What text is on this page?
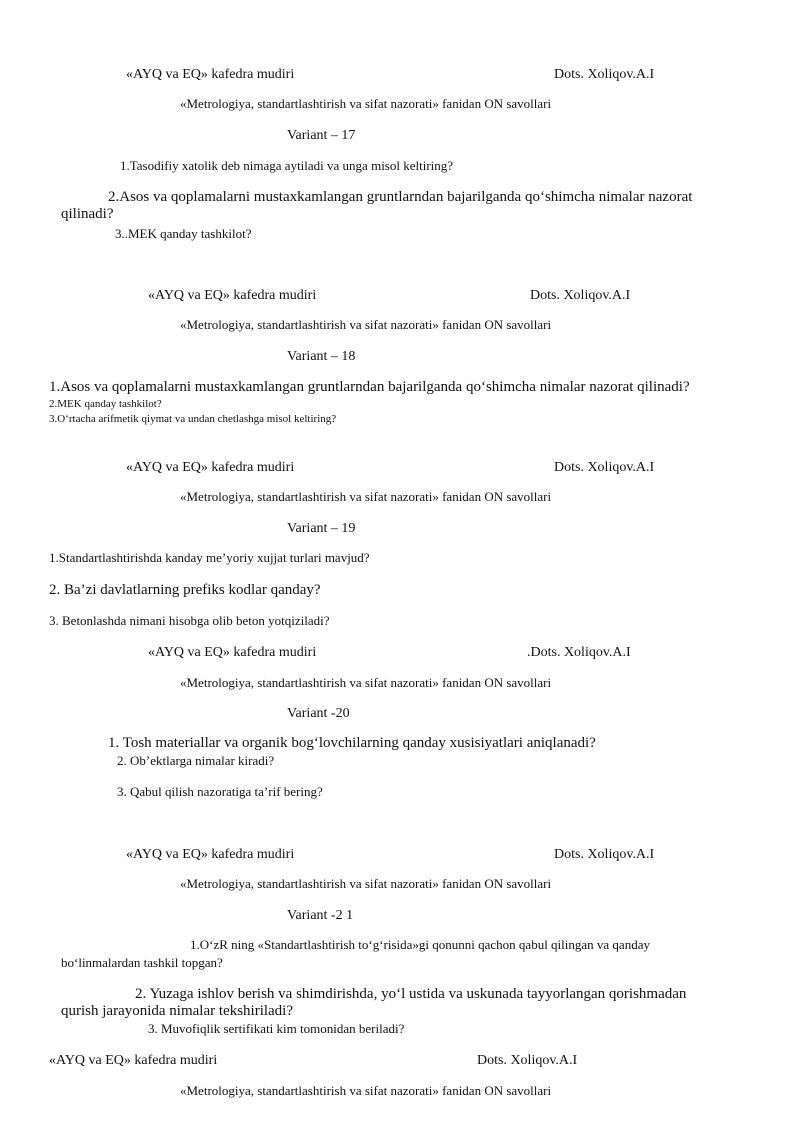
«AYQ va EQ» kafedra mudiri	Dots. Xoliqov.A.I
«Metrologiya, standartlashtirish va sifat nazorati» fanidan ON savollari
Variant – 17
1.Tasodifiy xatolik deb nimaga aytiladi va unga misol keltiring?
2.Asos va qoplamalarni mustaxkamlangan gruntlarndan bajarilganda qo‘shimcha nimalar nazorat
qilinadi?
3..MEK qanday tashkilot?
«AYQ va EQ» kafedra mudiri	Dots. Xoliqov.A.I
«Metrologiya, standartlashtirish va sifat nazorati» fanidan ON savollari
Variant – 18
1.Asos va qoplamalarni mustaxkamlangan gruntlarndan bajarilganda qo‘shimcha nimalar nazorat qilinadi?
2.MEK qanday tashkilot?
3.O‘rtacha arifmetik qiymat va undan chetlashga misol keltiring?
«AYQ va EQ» kafedra mudiri	Dots. Xoliqov.A.I
«Metrologiya, standartlashtirish va sifat nazorati» fanidan ON savollari
Variant – 19
1.Standartlashtirishda kanday me’yoriy xujjat turlari mavjud?
2. Ba’zi davlatlarning prefiks kodlar qanday?
3. Betonlashda nimani hisobga olib beton yotqiziladi?
«AYQ va EQ» kafedra mudiri	.Dots. Xoliqov.A.I
«Metrologiya, standartlashtirish va sifat nazorati» fanidan ON savollari
Variant -20
1. Tosh materiallar va organik bog‘lovchilarning qanday xusisiyatlari aniqlanadi?
2. Ob’ektlarga nimalar kiradi?
3. Qabul qilish nazoratiga ta’rif bering?
«AYQ va EQ» kafedra mudiri	Dots. Xoliqov.A.I
«Metrologiya, standartlashtirish va sifat nazorati» fanidan ON savollari
Variant -2 1
1.O‘zR ning «Standartlashtirish to‘g‘risida»gi qonunni qachon qabul qilingan va qanday
bo‘linmalardan tashkil topgan?
2. Yuzaga ishlov berish va shimdirishda, yo‘l ustida va uskunada tayyorlangan qorishmadan
qurish jarayonida nimalar tekshiriladi?
3. Muvofiqlik sertifikati kim tomonidan beriladi?
«AYQ va EQ» kafedra mudiri	Dots. Xoliqov.A.I
«Metrologiya, standartlashtirish va sifat nazorati» fanidan ON savollari
